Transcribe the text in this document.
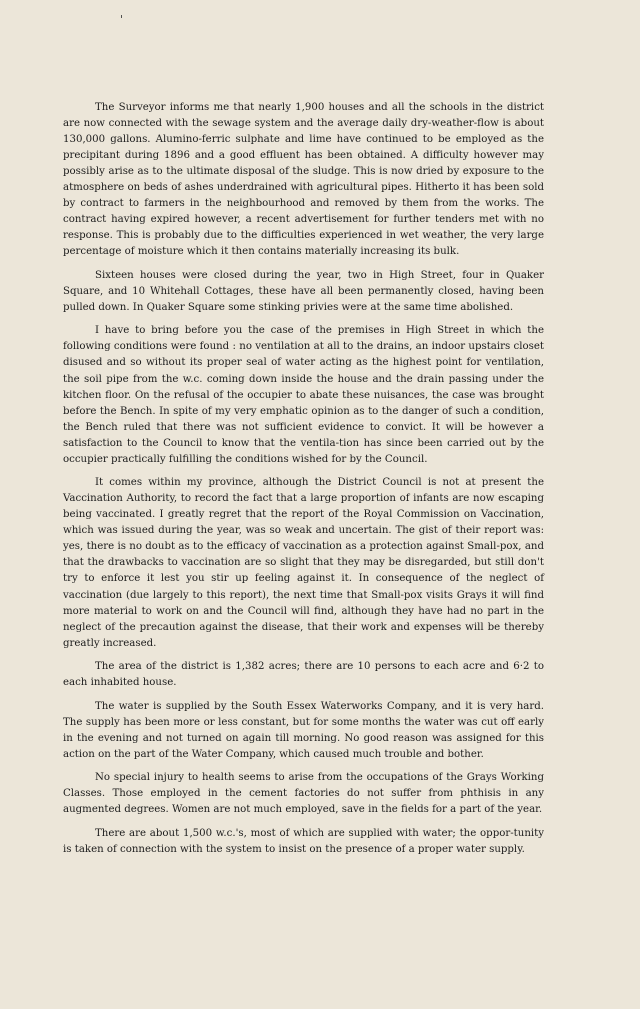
'

The Surveyor informs me that nearly 1,900 houses and all the schools in the district are now connected with the sewage system and the average daily dry-weather-flow is about 130,000 gallons. Alumino-ferric sulphate and lime have continued to be employed as the precipitant during 1896 and a good effluent has been obtained. A difficulty however may possibly arise as to the ultimate disposal of the sludge. This is now dried by exposure to the atmosphere on beds of ashes underdrained with agricultural pipes. Hitherto it has been sold by contract to farmers in the neighbourhood and removed by them from the works. The contract having expired however, a recent advertisement for further tenders met with no response. This is probably due to the difficulties experienced in wet weather, the very large percentage of moisture which it then contains materially increasing its bulk.

Sixteen houses were closed during the year, two in High Street, four in Quaker Square, and 10 Whitehall Cottages, these have all been permanently closed, having been pulled down. In Quaker Square some stinking privies were at the same time abolished.

I have to bring before you the case of the premises in High Street in which the following conditions were found : no ventilation at all to the drains, an indoor upstairs closet disused and so without its proper seal of water acting as the highest point for ventilation, the soil pipe from the w.c. coming down inside the house and the drain passing under the kitchen floor. On the refusal of the occupier to abate these nuisances, the case was brought before the Bench. In spite of my very emphatic opinion as to the danger of such a condition, the Bench ruled that there was not sufficient evidence to convict. It will be however a satisfaction to the Council to know that the ventila-tion has since been carried out by the occupier practically fulfilling the conditions wished for by the Council.

It comes within my province, although the District Council is not at present the Vaccination Authority, to record the fact that a large proportion of infants are now escaping being vaccinated. I greatly regret that the report of the Royal Commission on Vaccination, which was issued during the year, was so weak and uncertain. The gist of their report was: yes, there is no doubt as to the efficacy of vaccination as a protection against Small-pox, and that the drawbacks to vaccination are so slight that they may be disregarded, but still don't try to enforce it lest you stir up feeling against it. In consequence of the neglect of vaccination (due largely to this report), the next time that Small-pox visits Grays it will find more material to work on and the Council will find, although they have had no part in the neglect of the precaution against the disease, that their work and expenses will be thereby greatly increased.

The area of the district is 1,382 acres; there are 10 persons to each acre and 6·2 to each inhabited house.

The water is supplied by the South Essex Waterworks Company, and it is very hard. The supply has been more or less constant, but for some months the water was cut off early in the evening and not turned on again till morning. No good reason was assigned for this action on the part of the Water Company, which caused much trouble and bother.

No special injury to health seems to arise from the occupations of the Grays Working Classes. Those employed in the cement factories do not suffer from phthisis in any augmented degrees. Women are not much employed, save in the fields for a part of the year.

There are about 1,500 w.c.'s, most of which are supplied with water; the oppor-tunity is taken of connection with the system to insist on the presence of a proper water supply.
